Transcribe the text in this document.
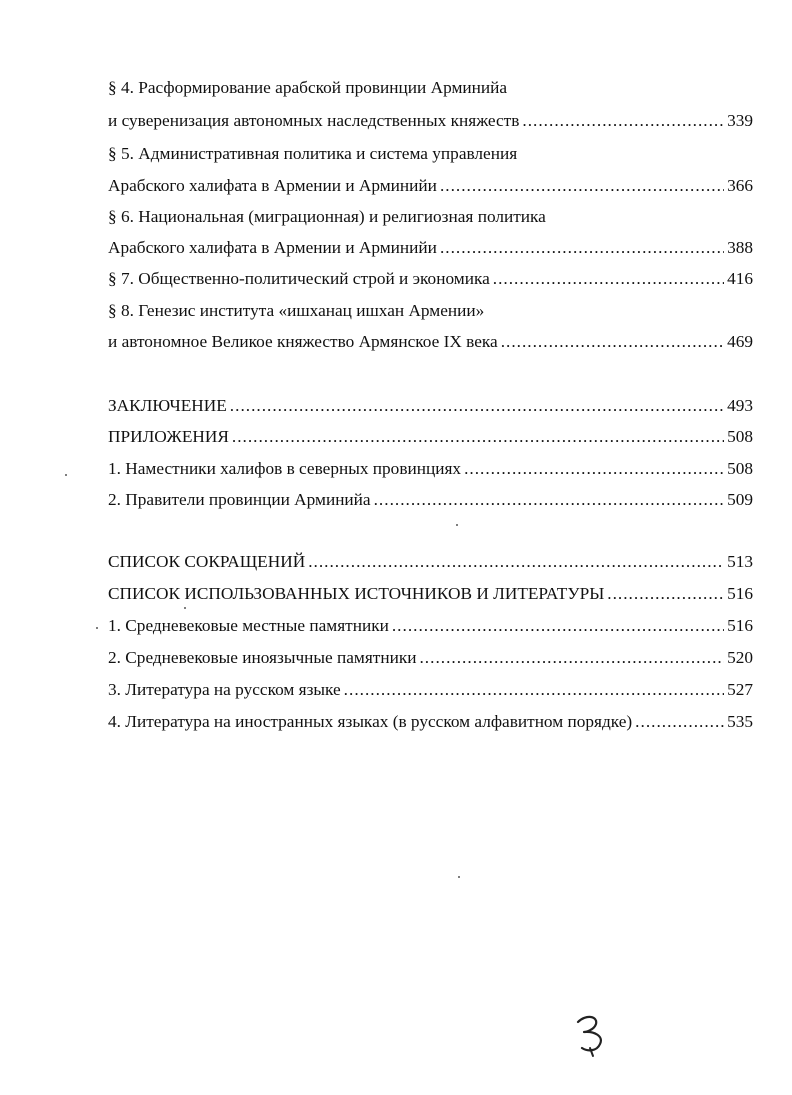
§ 4. Расформирование арабской провинции Арминийа
и суверенизация автономных наследственных княжеств .....	339
§ 5. Административная политика и система управления
Арабского халифата в Армении и Арминийи .....	366
§ 6. Национальная (миграционная) и религиозная политика
Арабского халифата в Армении и Арминийи .....	388
§ 7. Общественно-политический строй и экономика .....	416
§ 8. Генезис института «ишханац ишхан Армении»
и автономное Великое княжество Армянское IX века .....	469
ЗАКЛЮЧЕНИЕ .....	493
ПРИЛОЖЕНИЯ .....	508
1. Наместники халифов в северных провинциях .....	508
2. Правители провинции Арминийа .....	509
СПИСОК СОКРАЩЕНИЙ .....	513
СПИСОК ИСПОЛЬЗОВАННЫХ ИСТОЧНИКОВ И ЛИТЕРАТУРЫ .....	516
1. Средневековые местные памятники .....	516
2. Средневековые иноязычные памятники .....	520
3. Литература на русском языке .....	527
4. Литература на иностранных языках (в русском алфавитном порядке) .....	535
3
